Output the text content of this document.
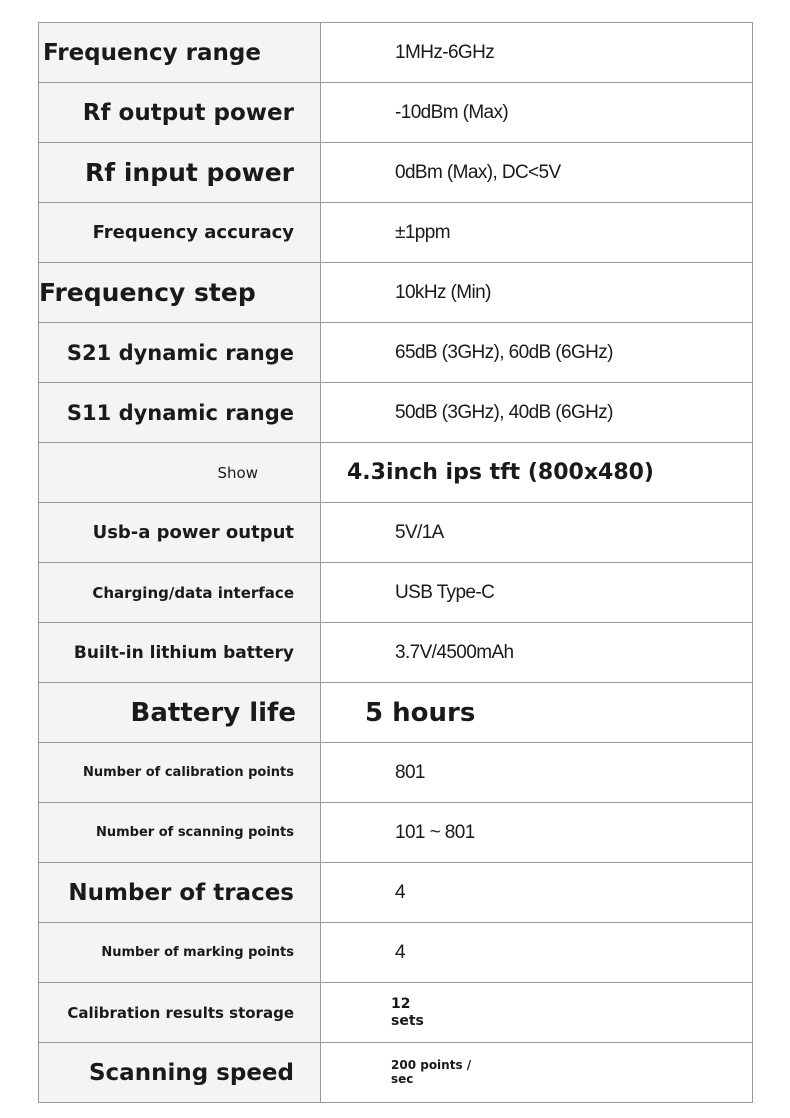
Frequency range	1MHz-6GHz
Rf output power	-10dBm (Max)
Rf input power	0dBm (Max), DC<5V
Frequency accuracy	±1ppm
Frequency step	10kHz (Min)
S21 dynamic range	65dB (3GHz), 60dB (6GHz)
S11 dynamic range	50dB (3GHz), 40dB (6GHz)
Show	4.3inch ips tft (800x480)
Usb-a power output	5V/1A
Charging/data interface	USB Type-C
Built-in lithium battery	3.7V/4500mAh
Battery life	5 hours
Number of calibration points	801
Number of scanning points	101 ~ 801
Number of traces	4
Number of marking points	4
Calibration results storage	12
sets

Scanning speed	200 points /
sec
